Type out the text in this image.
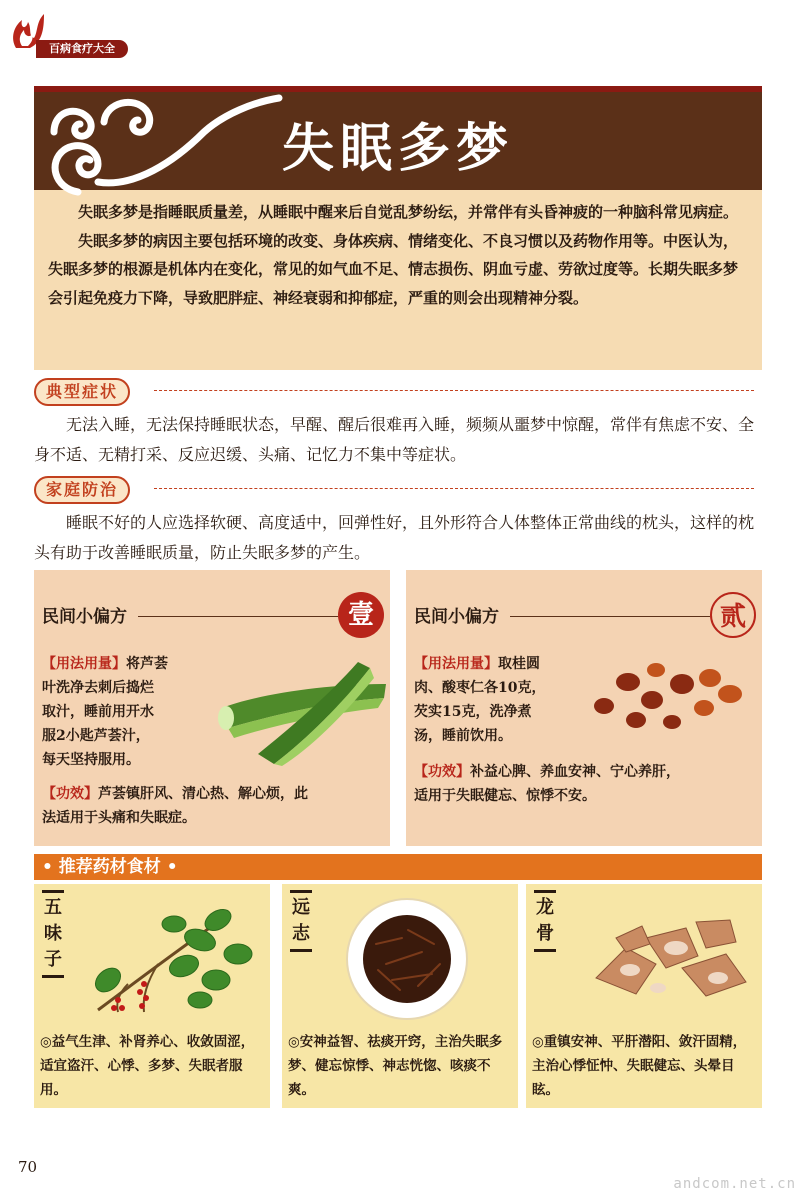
百病食疗大全
失眠多梦

失眠多梦是指睡眠质量差，从睡眠中醒来后自觉乱梦纷纭，并常伴有头昏神疲的一种脑科常见病症。

失眠多梦的病因主要包括环境的改变、身体疾病、情绪变化、不良习惯以及药物作用等。中医认为，失眠多梦的根源是机体内在变化，常见的如气血不足、情志损伤、阴血亏虚、劳欲过度等。长期失眠多梦会引起免疫力下降，导致肥胖症、神经衰弱和抑郁症，严重的则会出现精神分裂。

典型症状
无法入睡，无法保持睡眠状态，早醒、醒后很难再入睡，频频从噩梦中惊醒，常伴有焦虑不安、全身不适、无精打采、反应迟缓、头痛、记忆力不集中等症状。
家庭防治
睡眠不好的人应选择软硬、高度适中，回弹性好，且外形符合人体整体正常曲线的枕头，这样的枕头有助于改善睡眠质量，防止失眠多梦的产生。
民间小偏方	壹
【用法用量】将芦荟
叶洗净去刺后捣烂
取汁，睡前用开水
服2小匙芦荟汁，
每天坚持服用。
【功效】芦荟镇肝风、清心热、解心烦，此
法适用于头痛和失眠症。
民间小偏方	贰
【用法用量】取桂圆
肉、酸枣仁各10克，
芡实15克，洗净煮
汤，睡前饮用。
【功效】补益心脾、养血安神、宁心养肝，
适用于失眠健忘、惊悸不安。
• 推荐药材食材 •
五味子
◎益气生津、补肾养心、收敛固涩，适宜盗汗、心悸、多梦、失眠者服用。
远志
◎安神益智、祛痰开窍，主治失眠多梦、健忘惊悸、神志恍惚、咳痰不爽。
龙骨
◎重镇安神、平肝潜阳、敛汗固精，主治心悸怔忡、失眠健忘、头晕目眩。
70
andcom.net.cn
